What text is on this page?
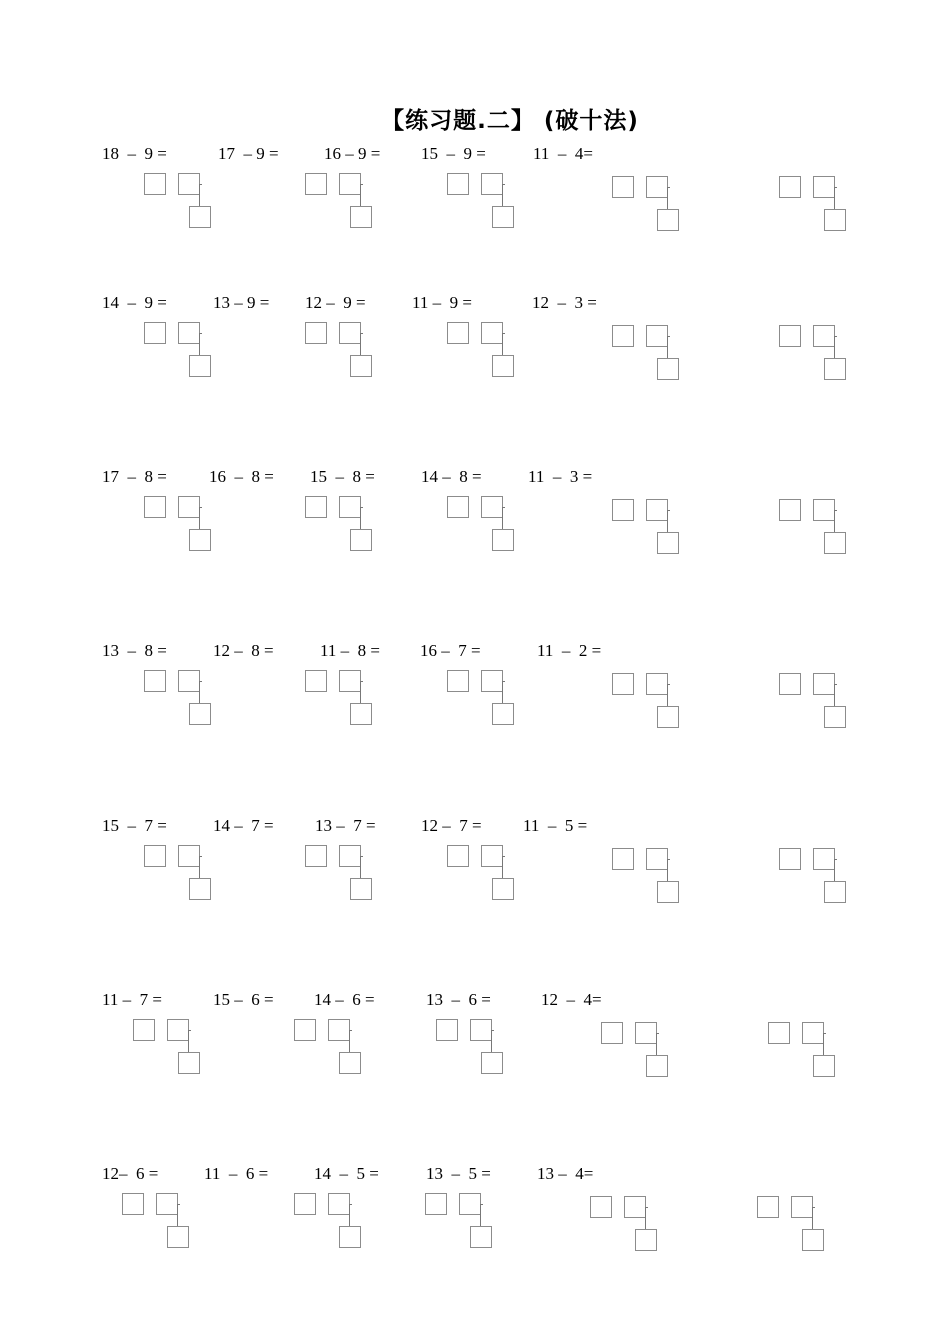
【练习题.二】 (破十法)
18  –  9 =	17  – 9 =	16 – 9 = 15  –  9 =	11  –  4=
14  –  9 =	13 – 9 = 12 –  9 =	11 –  9 =	12  –  3 =
17  –  8 = 16  –  8 = 15  –  8 =	14 –  8 =	11  –  3 =
13  –  8 =	12 –  8 =	11 –  8 = 16 –  7 =	11  –  2 =
15  –  7 =	14 –  7 = 13 –  7 =	12 –  7 = 11  –  5 =
11 –  7 =	15 –  6 = 14 –  6 =	13  –  6 =	12  –  4=
12–  6 =	11  –  6 =	14  –  5 =	13  –  5 =	13 –  4=
